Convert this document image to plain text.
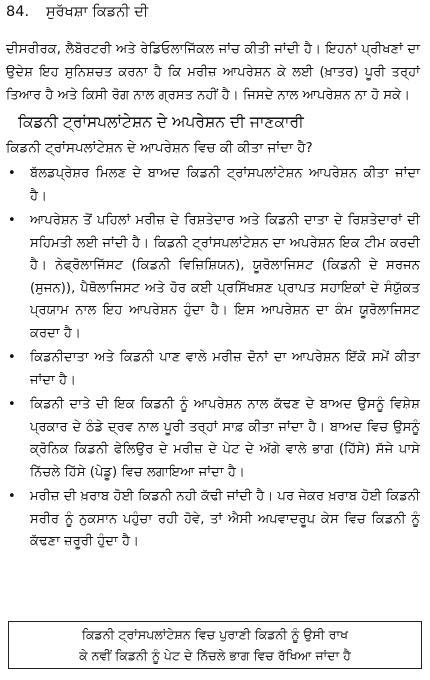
84.	ਸੁਰੱਖਸ਼ਾ ਕਿਡਨੀ ਦੀ

ਦੀਸਰੀਰਕ, ਲੈਬੋਰਟਰੀ ਅਤੇ ਰੇਡਿਓਲਾਜਿੱਕਲ ਜਾਂਚ ਕੀਤੀ ਜਾਂਦੀ ਹੈ। ਇਹਨਾਂ ਪ੍ਰੀਖਣਾਂ ਦਾ ਉਦੇਸ਼ ਇਹ ਸੁਨਿਸ਼ਚਤ ਕਰਨਾ ਹੈ ਕਿ ਮਰੀਜ਼ ਆਪਰੇਸ਼ਨ ਕੇ ਲਈ (ਖ਼ਾਤਰ) ਪੂਰੀ ਤਰ੍ਹਾਂ ਤਿਆਰ ਹੈ ਅਤੇ ਕਿਸੀ ਰੋਗ ਨਾਲ ਗ੍ਰਸਤ ਨਹੀਂ ਹੈ। ਜਿਸਦੇ ਨਾਲ ਆਪਰੇਸ਼ਨ ਨਾ ਹੋ ਸਕੇ।

ਕਿਡਨੀ ਟ੍ਰਾਂਸਪਲਾਂਟੇਸ਼ਨ ਦੇ ਅਪਰੇਸ਼ਨ ਦੀ ਜਾਣਕਾਰੀ

ਕਿਡਨੀ ਟ੍ਰਾਂਸਪਲਾਂਟੇਸ਼ਨ ਦੇ ਆਪਰੇਸ਼ਨ ਵਿਚ ਕੀ ਕੀਤਾ ਜਾਂਦਾ ਹੈ?

• ਬੱਲਡਪ੍ਰੇਸ਼ਰ ਮਿਲਣ ਦੇ ਬਾਅਦ ਕਿਡਨੀ ਟ੍ਰਾਂਸਪਲਾਂਟੇਸ਼ਨ ਆਪਰੇਸ਼ਨ ਕੀਤਾ ਜਾਂਦਾ ਹੈ।
• ਆਪਰੇਸ਼ਨ ਤੋਂ ਪਹਿਲਾਂ ਮਰੀਜ਼ ਦੇ ਰਿਸ਼ਤੇਦਾਰ ਅਤੇ ਕਿਡਨੀ ਦਾਤਾ ਦੇ ਰਿਸ਼ਤੇਦਾਰਾਂ ਦੀ ਸਹਿਮਤੀ ਲਈ ਜਾਂਦੀ ਹੈ। ਕਿਡਨੀ ਟ੍ਰਾਂਸਪਲਾਂਟੇਸ਼ਨ ਦਾ ਅਪਰੇਸ਼ਨ ਇਕ ਟੀਮ ਕਰਦੀ ਹੈ। ਨੇਫ੍ਰੋਲਾਜਿੱਸਟ (ਕਿਡਨੀ ਵਿਜ਼ਿਸ਼ਿਯਨ), ਯੂਰੋਲਾਜਿਸਟ (ਕਿਡਨੀ ਦੇ ਸਰਜਨ (ਸੁਜਨ)), ਪੈਥੋਲਾਜਿਸਟ ਅਤੇ ਹੋਰ ਕਈ ਪ੍ਰਸਿੱਖਸ਼ਣ ਪ੍ਰਾਪਤ ਸਹਾਇਕਾਂ ਦੇ ਸੰਯੁੱਕਤ ਪ੍ਰਯਾਮ ਨਾਲ ਇਹ ਆਪਰੇਸ਼ਨ ਹੁੰਦਾ ਹੈ। ਇਸ ਆਪਰੇਸ਼ਨ ਦਾ ਕੰਮ ਯੂਰੋਲਾਜਿਸਟ ਕਰਦਾ ਹੈ।
• ਕਿਡਨੀਦਾਤਾ ਅਤੇ ਕਿਡਨੀ ਪਾਣ ਵਾਲੇ ਮਰੀਜ਼ ਦੋਨਾਂ ਦਾ ਆਪਰੇਸ਼ਨ ਇੱਕੋ ਸਮੇਂ ਕੀਤਾ ਜਾਂਦਾ ਹੈ।
• ਕਿਡਨੀ ਦਾਤੇ ਦੀ ਇਕ ਕਿਡਨੀ ਨੂੰ ਆਪਰੇਸ਼ਨ ਨਾਲ ਕੱਢਣ ਦੇ ਬਾਅਦ ਉਸਨੂੰ ਵਿਸ਼ੇਸ਼ ਪ੍ਰਕਾਰ ਦੇ ਠੰਡੇ ਦ੍ਰਵ ਨਾਲ ਪੂਰੀ ਤਰ੍ਹਾਂ ਸਾਫ਼ ਕੀਤਾ ਜਾਂਦਾ ਹੈ। ਬਾਅਦ ਵਿਚ ਉਸਨੂੰ ਕ੍ਰੋਨਿਕ ਕਿਡਨੀ ਫੇਲਿਉਰ ਦੇ ਮਰੀਜ਼ ਦੇ ਪੇਟ ਦੇ ਅੱਗੇ ਵਾਲੇ ਭਾਗ (ਹਿੱਸੇ) ਸੱਜੇ ਪਾਸੇ ਨਿੱਚਲੇ ਹਿੱਸੇ (ਪੇਡੂ) ਵਿਚ ਲਗਾਇਆ ਜਾਂਦਾ ਹੈ।
• ਮਰੀਜ਼ ਦੀ ਖ਼ਰਾਬ ਹੋਈ ਕਿਡਨੀ ਨਹੀ ਕੱਢੀ ਜਾਂਦੀ ਹੈ। ਪਰ ਜੇਕਰ ਖ਼ਰਾਬ ਹੋਈ ਕਿਡਨੀ ਸਰੀਰ ਨੂੰ ਨੁਕਸਾਨ ਪਹੁੰਚਾ ਰਹੀ ਹੋਵੇ, ਤਾਂ ਐਸੀ ਅਪਵਾਦਰੂਪ ਕੇਸ ਵਿਚ ਕਿਡਨੀ ਨੂੰ ਕੱਢਣਾ ਜ਼ਰੂਰੀ ਹੁੰਦਾ ਹੈ।
ਕਿਡਨੀ ਟ੍ਰਾਂਸਪਲਾਂਟੇਸ਼ਨ ਵਿਚ ਪੁਰਾਣੀ ਕਿਡਨੀ ਨੂੰ ਉਸੀ ਰਾਖ
ਕੇ ਨਵੀਂ ਕਿਡਨੀ ਨੂੰ ਪੇਟ ਦੇ ਨਿੱਚਲੇ ਭਾਗ ਵਿਚ ਰੱਖਿਆ ਜਾਂਦਾ ਹੈ
